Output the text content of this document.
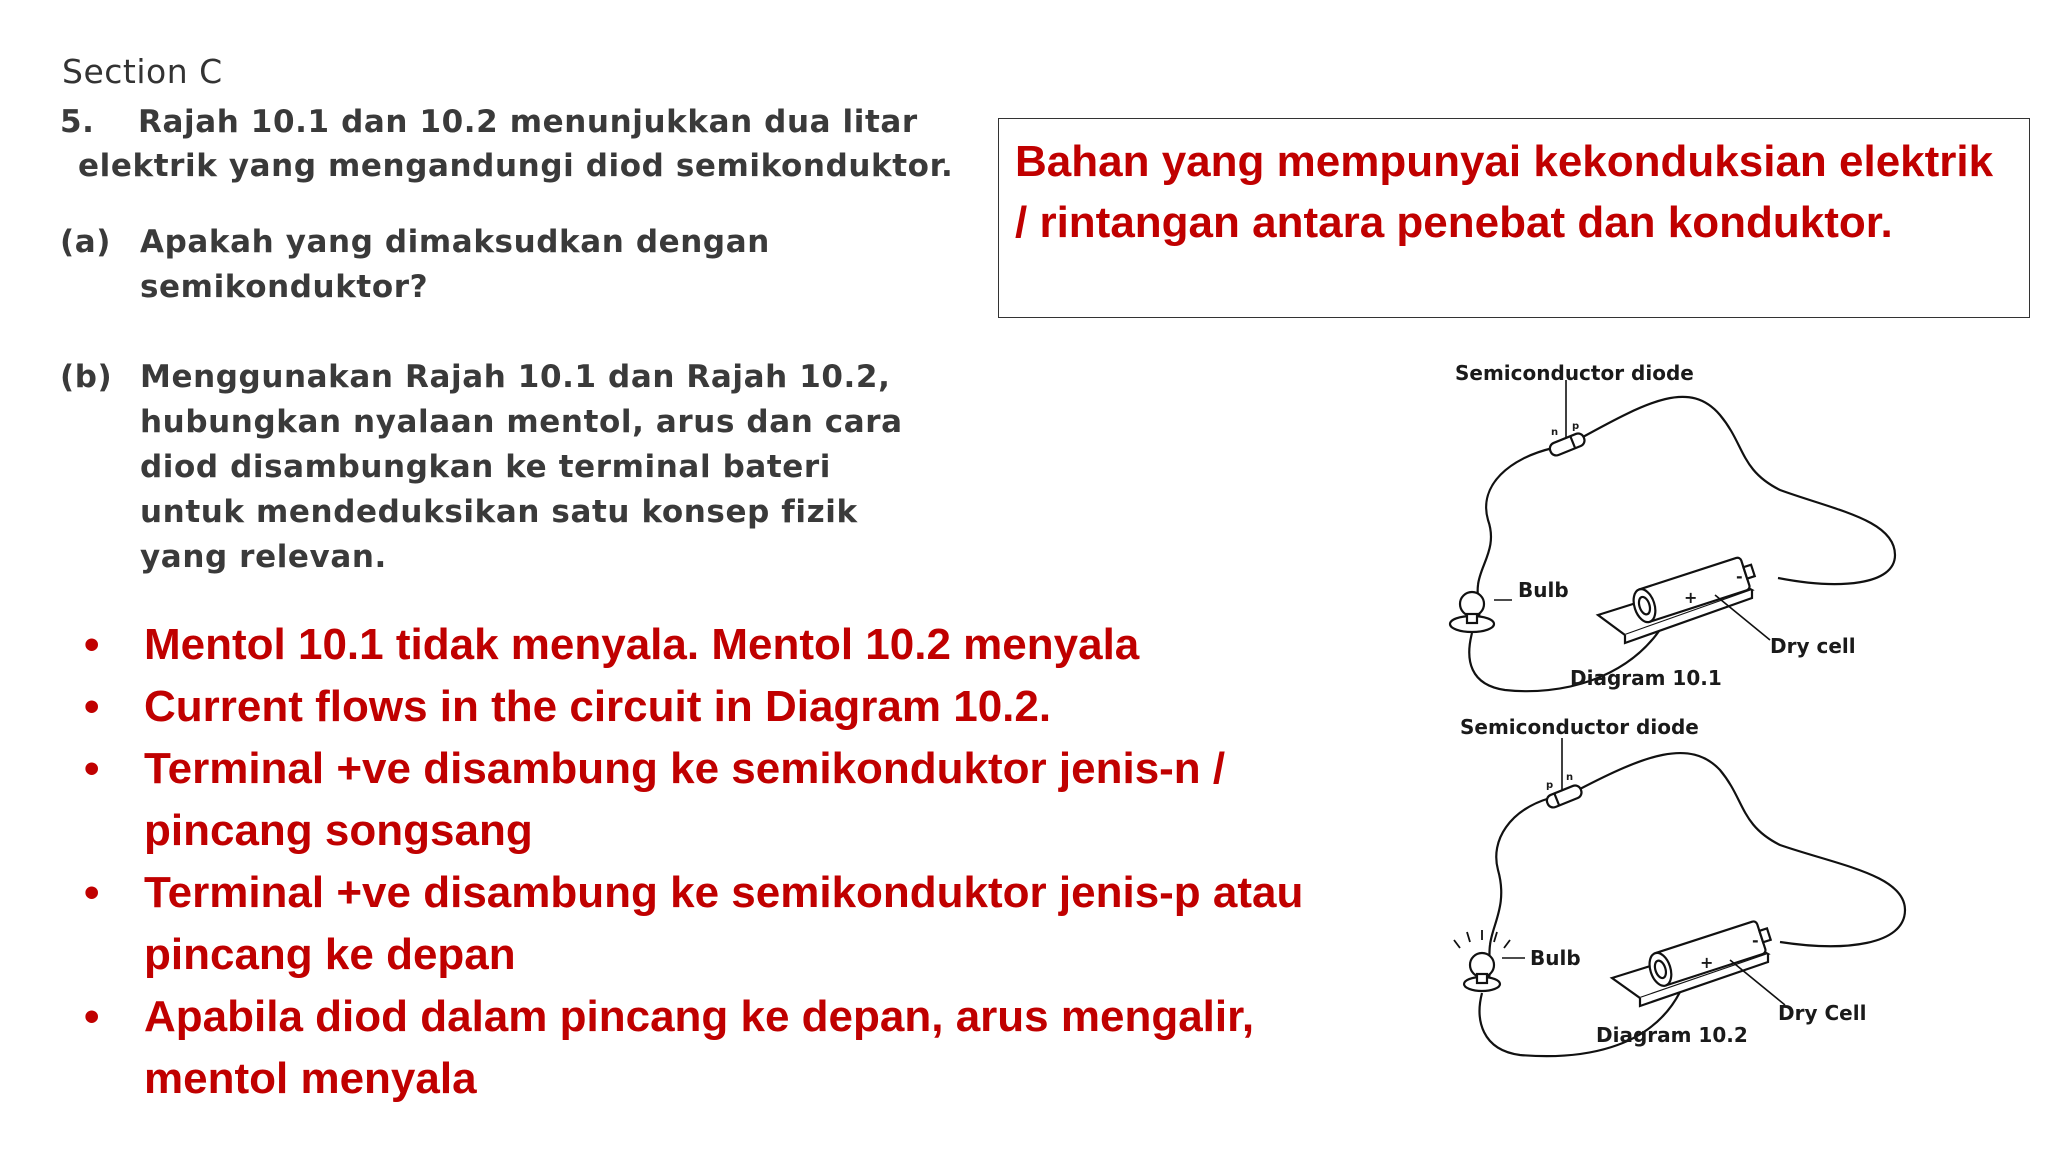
Section C
5. Rajah 10.1 dan 10.2 menunjukkan dua litar
elektrik yang mengandungi diod semikonduktor.
(a) Apakah yang dimaksudkan dengan
semikonduktor?
(b) Menggunakan Rajah 10.1 dan Rajah 10.2,
hubungkan nyalaan mentol, arus dan cara
diod disambungkan ke terminal bateri
untuk mendeduksikan satu konsep fizik
yang relevan.
Bahan yang mempunyai kekonduksian elektrik
/ rintangan antara penebat dan konduktor.
• Mentol 10.1 tidak menyala. Mentol 10.2 menyala
• Current flows in the circuit in Diagram 10.2.
• Terminal +ve disambung ke semikonduktor jenis-n /
pincang songsang
• Terminal +ve disambung ke semikonduktor jenis-p atau
pincang ke depan
• Apabila diod dalam pincang ke depan, arus mengalir,
mentol menyala
Semiconductor diode
n
p
Bulb	+
-
Dry cell
Diagram 10.1
Semiconductor diode
p
n
Bulb	+
-
Dry Cell
Diagram 10.2
